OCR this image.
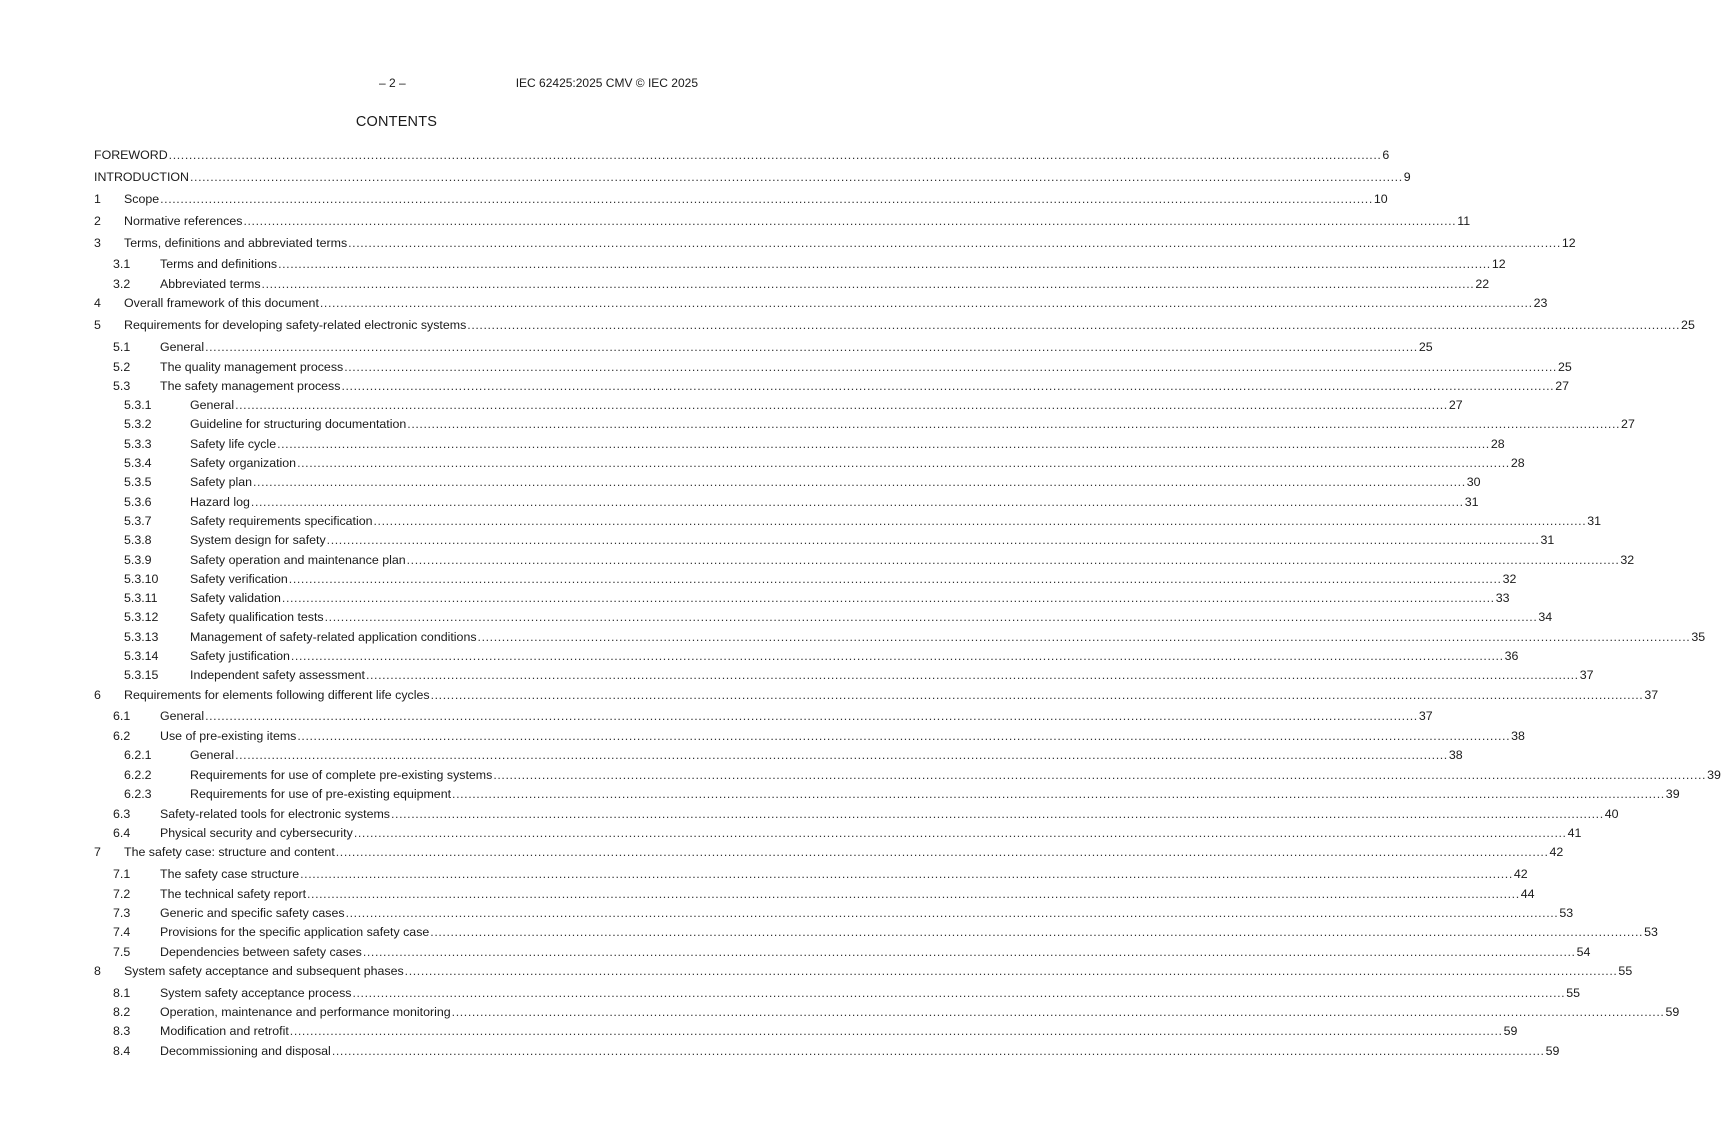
– 2 –	IEC 62425:2025 CMV © IEC 2025
CONTENTS
FOREWORD ............................................................................................................................................................................................................................................................................................................ 6
INTRODUCTION ............................................................................................................................................................................................................................................................................................................ 9
1 Scope ............................................................................................................................................................................................................................................................................................................ 10
2 Normative references ............................................................................................................................................................................................................................................................................................................ 11
3 Terms, definitions and abbreviated terms ............................................................................................................................................................................................................................................................................................................ 12
3.1 Terms and definitions ............................................................................................................................................................................................................................................................................................................ 12
3.2 Abbreviated terms ............................................................................................................................................................................................................................................................................................................ 22
4 Overall framework of this document ............................................................................................................................................................................................................................................................................................................ 23
5 Requirements for developing safety-related electronic systems ............................................................................................................................................................................................................................................................................................................ 25
5.1 General ............................................................................................................................................................................................................................................................................................................ 25
5.2 The quality management process ............................................................................................................................................................................................................................................................................................................ 25
5.3 The safety management process ............................................................................................................................................................................................................................................................................................................ 27
5.3.1	General ............................................................................................................................................................................................................................................................................................................ 27
5.3.2	Guideline for structuring documentation ............................................................................................................................................................................................................................................................................................................ 27
5.3.3	Safety life cycle ............................................................................................................................................................................................................................................................................................................ 28
5.3.4	Safety organization ............................................................................................................................................................................................................................................................................................................ 28
5.3.5	Safety plan ............................................................................................................................................................................................................................................................................................................ 30
5.3.6	Hazard log ............................................................................................................................................................................................................................................................................................................ 31
5.3.7	Safety requirements specification ............................................................................................................................................................................................................................................................................................................ 31
5.3.8	System design for safety ............................................................................................................................................................................................................................................................................................................ 31
5.3.9	Safety operation and maintenance plan ............................................................................................................................................................................................................................................................................................................ 32
5.3.10	Safety verification ............................................................................................................................................................................................................................................................................................................ 32
5.3.11	Safety validation ............................................................................................................................................................................................................................................................................................................ 33
5.3.12	Safety qualification tests ............................................................................................................................................................................................................................................................................................................ 34
5.3.13	Management of safety-related application conditions ............................................................................................................................................................................................................................................................................................................ 35
5.3.14	Safety justification ............................................................................................................................................................................................................................................................................................................ 36
5.3.15	Independent safety assessment ............................................................................................................................................................................................................................................................................................................ 37
6 Requirements for elements following different life cycles ............................................................................................................................................................................................................................................................................................................ 37
6.1 General ............................................................................................................................................................................................................................................................................................................ 37
6.2 Use of pre-existing items ............................................................................................................................................................................................................................................................................................................ 38
6.2.1	General ............................................................................................................................................................................................................................................................................................................ 38
6.2.2	Requirements for use of complete pre-existing systems ............................................................................................................................................................................................................................................................................................................ 39
6.2.3	Requirements for use of pre-existing equipment ............................................................................................................................................................................................................................................................................................................ 39
6.3 Safety-related tools for electronic systems ............................................................................................................................................................................................................................................................................................................ 40
6.4 Physical security and cybersecurity ............................................................................................................................................................................................................................................................................................................ 41
7 The safety case: structure and content ............................................................................................................................................................................................................................................................................................................ 42
7.1 The safety case structure ............................................................................................................................................................................................................................................................................................................ 42
7.2 The technical safety report ............................................................................................................................................................................................................................................................................................................ 44
7.3 Generic and specific safety cases ............................................................................................................................................................................................................................................................................................................ 53
7.4 Provisions for the specific application safety case ............................................................................................................................................................................................................................................................................................................ 53
7.5 Dependencies between safety cases ............................................................................................................................................................................................................................................................................................................ 54
8 System safety acceptance and subsequent phases ............................................................................................................................................................................................................................................................................................................ 55
8.1 System safety acceptance process ............................................................................................................................................................................................................................................................................................................ 55
8.2 Operation, maintenance and performance monitoring ............................................................................................................................................................................................................................................................................................................ 59
8.3 Modification and retrofit ............................................................................................................................................................................................................................................................................................................ 59
8.4 Decommissioning and disposal ............................................................................................................................................................................................................................................................................................................ 59
